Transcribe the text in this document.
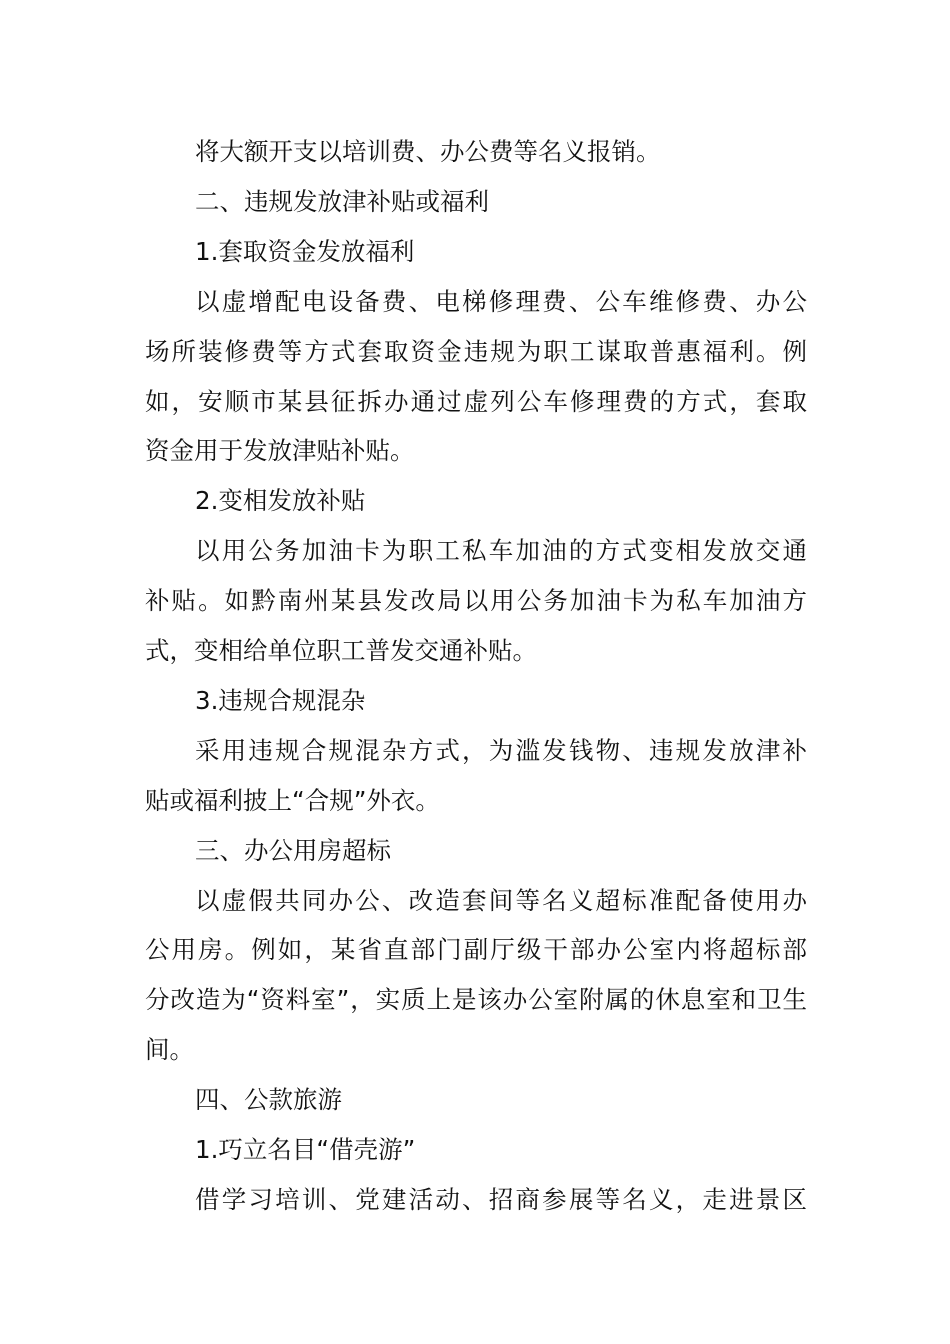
将大额开支以培训费、办公费等名义报销。
二、违规发放津补贴或福利
1.套取资金发放福利
以虚增配电设备费、电梯修理费、公车维修费、办公
场所装修费等方式套取资金违规为职工谋取普惠福利。例
如，安顺市某县征拆办通过虚列公车修理费的方式，套取
资金用于发放津贴补贴。
2.变相发放补贴
以用公务加油卡为职工私车加油的方式变相发放交通
补贴。如黔南州某县发改局以用公务加油卡为私车加油方
式，变相给单位职工普发交通补贴。
3.违规合规混杂
采用违规合规混杂方式，为滥发钱物、违规发放津补
贴或福利披上“合规”外衣。
三、办公用房超标
以虚假共同办公、改造套间等名义超标准配备使用办
公用房。例如，某省直部门副厅级干部办公室内将超标部
分改造为“资料室”，实质上是该办公室附属的休息室和卫生
间。
四、公款旅游
1.巧立名目“借壳游”
借学习培训、党建活动、招商参展等名义，走进景区
